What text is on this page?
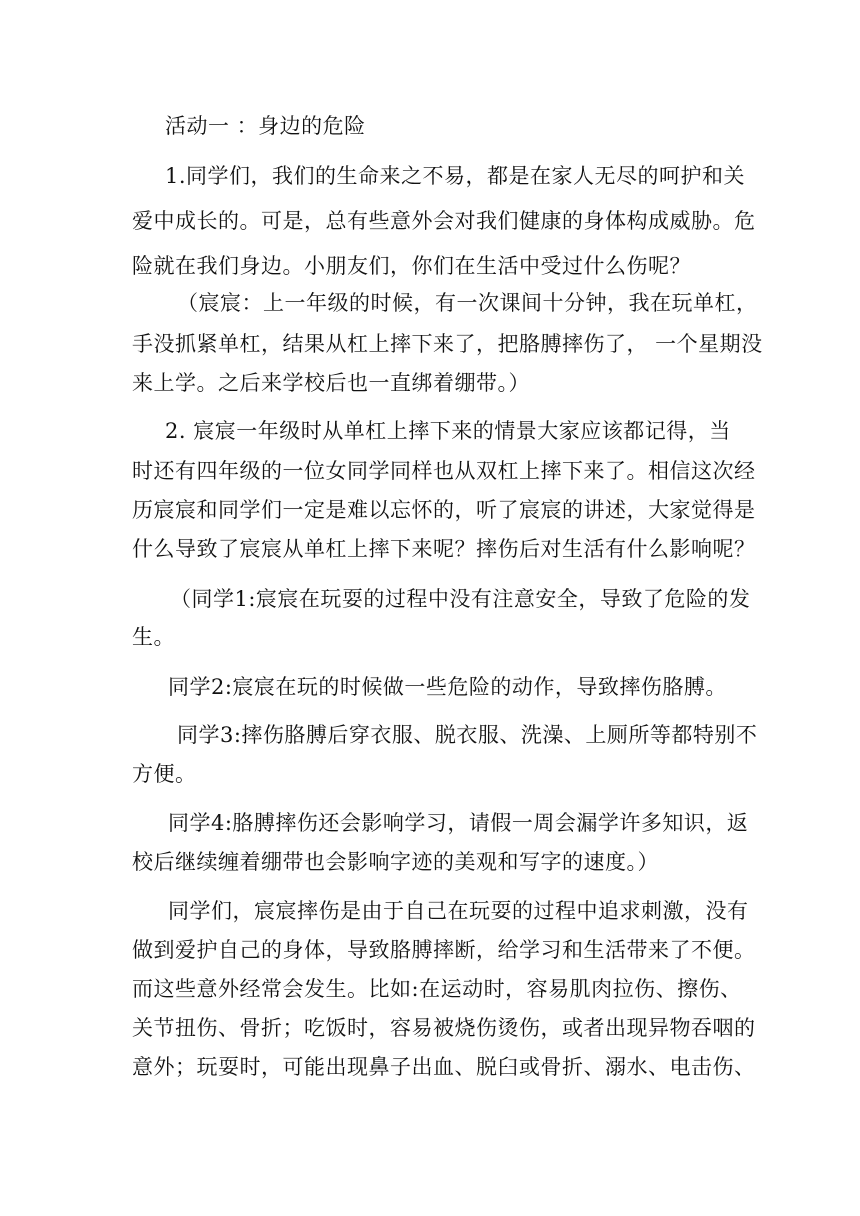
活动一 ：身边的危险
1.同学们，我们的生命来之不易，都是在家人无尽的呵护和关
爱中成长的。可是，总有些意外会对我们健康的身体构成威胁。危
险就在我们身边。小朋友们，你们在生活中受过什么伤呢？
（宸宸：上一年级的时候，有一次课间十分钟，我在玩单杠，
手没抓紧单杠，结果从杠上摔下来了，把胳膊摔伤了， 一个星期没
来上学。之后来学校后也一直绑着绷带。）
2. 宸宸一年级时从单杠上摔下来的情景大家应该都记得，当
时还有四年级的一位女同学同样也从双杠上摔下来了。相信这次经
历宸宸和同学们一定是难以忘怀的，听了宸宸的讲述，大家觉得是
什么导致了宸宸从单杠上摔下来呢？摔伤后对生活有什么影响呢？
（同学1:宸宸在玩耍的过程中没有注意安全，导致了危险的发
生。
同学2:宸宸在玩的时候做一些危险的动作，导致摔伤胳膊。
同学3:摔伤胳膊后穿衣服、脱衣服、洗澡、上厕所等都特别不
方便。
同学4:胳膊摔伤还会影响学习，请假一周会漏学许多知识，返
校后继续缠着绷带也会影响字迹的美观和写字的速度。）
同学们，宸宸摔伤是由于自己在玩耍的过程中追求刺激，没有
做到爱护自己的身体，导致胳膊摔断，给学习和生活带来了不便。
而这些意外经常会发生。比如:在运动时，容易肌肉拉伤、擦伤、
关节扭伤、骨折；吃饭时，容易被烧伤烫伤，或者出现异物吞咽的
意外；玩耍时，可能出现鼻子出血、脱臼或骨折、溺水、电击伤、
